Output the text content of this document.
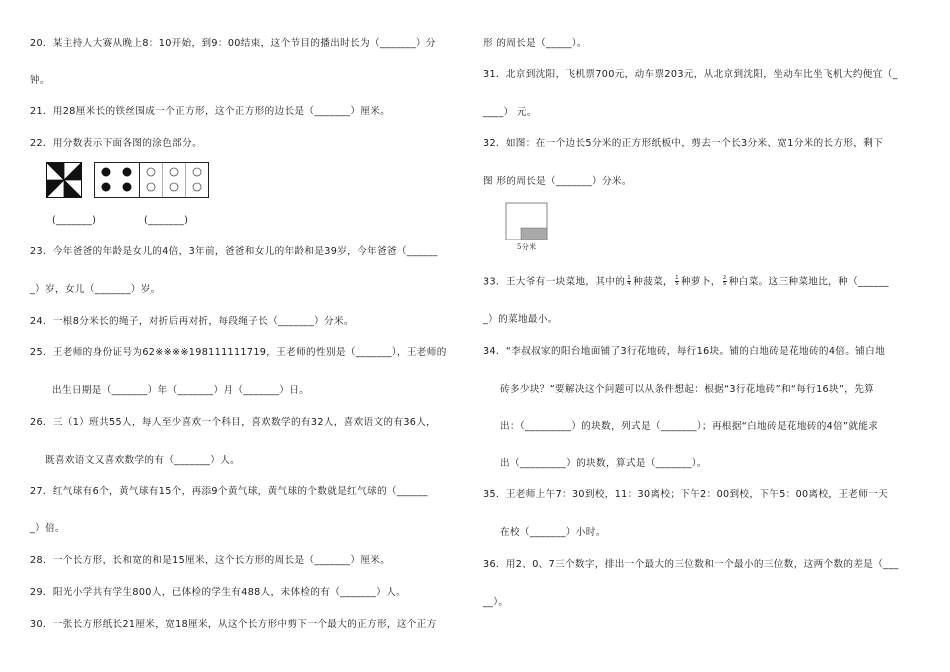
20．某主持人大赛从晚上8：10开始，到9：00结束，这个节目的播出时长为（_______）分
钟。
21．用28厘米长的铁丝围成一个正方形，这个正方形的边长是（_______）厘米。
22．用分数表示下面各图的涂色部分。
(_______)	(_______)
23．今年爸爸的年龄是女儿的4倍，3年前，爸爸和女儿的年龄和是39岁，今年爸爸（______
_）岁，女儿（_______）岁。
24．一根8分米长的绳子，对折后再对折，每段绳子长（_______）分米。
25．王老师的身份证号为62※※※※198111111719，王老师的性别是（_______），王老师的
出生日期是（_______）年（_______）月（_______）日。
26．三（1）班共55人，每人至少喜欢一个科目，喜欢数学的有32人，喜欢语文的有36人，
既喜欢语文又喜欢数学的有（_______）人。
27．红气球有6个，黄气球有15个，再添9个黄气球，黄气球的个数就是红气球的（______
_）倍。
28．一个长方形，长和宽的和是15厘米，这个长方形的周长是（_______）厘米。
29．阳光小学共有学生800人，已体检的学生有488人，未体检的有（_______）人。
30．一张长方形纸长21厘米，宽18厘米，从这个长方形中剪下一个最大的正方形，这个正方
形 的周长是（_____）。
31．北京到沈阳，飞机票700元，动车票203元，从北京到沈阳，坐动车比坐飞机大约便宜（_
____） 元。
32．如图：在一个边长5分米的正方形纸板中，剪去一个长3分米、宽1分米的长方形，剩下
图 形的周长是（_______）分米。
5分米
33．王大爷有一块菜地，其中的 $\frac{1}{4}$ 种菠菜， $\frac{1}{5}$ 种萝卜， $\frac{2}{5}$ 种白菜。这三种菜地比，种（______
_）的菜地最小。
34．“李叔叔家的阳台地面铺了3行花地砖，每行16块。铺的白地砖是花地砖的4倍。铺白地
砖多少块？”要解决这个问题可以从条件想起：根据“3行花地砖”和“每行16块”，先算
出：（_________）的块数，列式是（_______）；再根据“白地砖是花地砖的4倍”就能求
出（_________）的块数，算式是（_______）。
35．王老师上午7：30到校，11：30离校；下午2：00到校，下午5：00离校，王老师一天
在校（_______）小时。
36．用2、0、7三个数字，排出一个最大的三位数和一个最小的三位数，这两个数的差是（___
__）。
